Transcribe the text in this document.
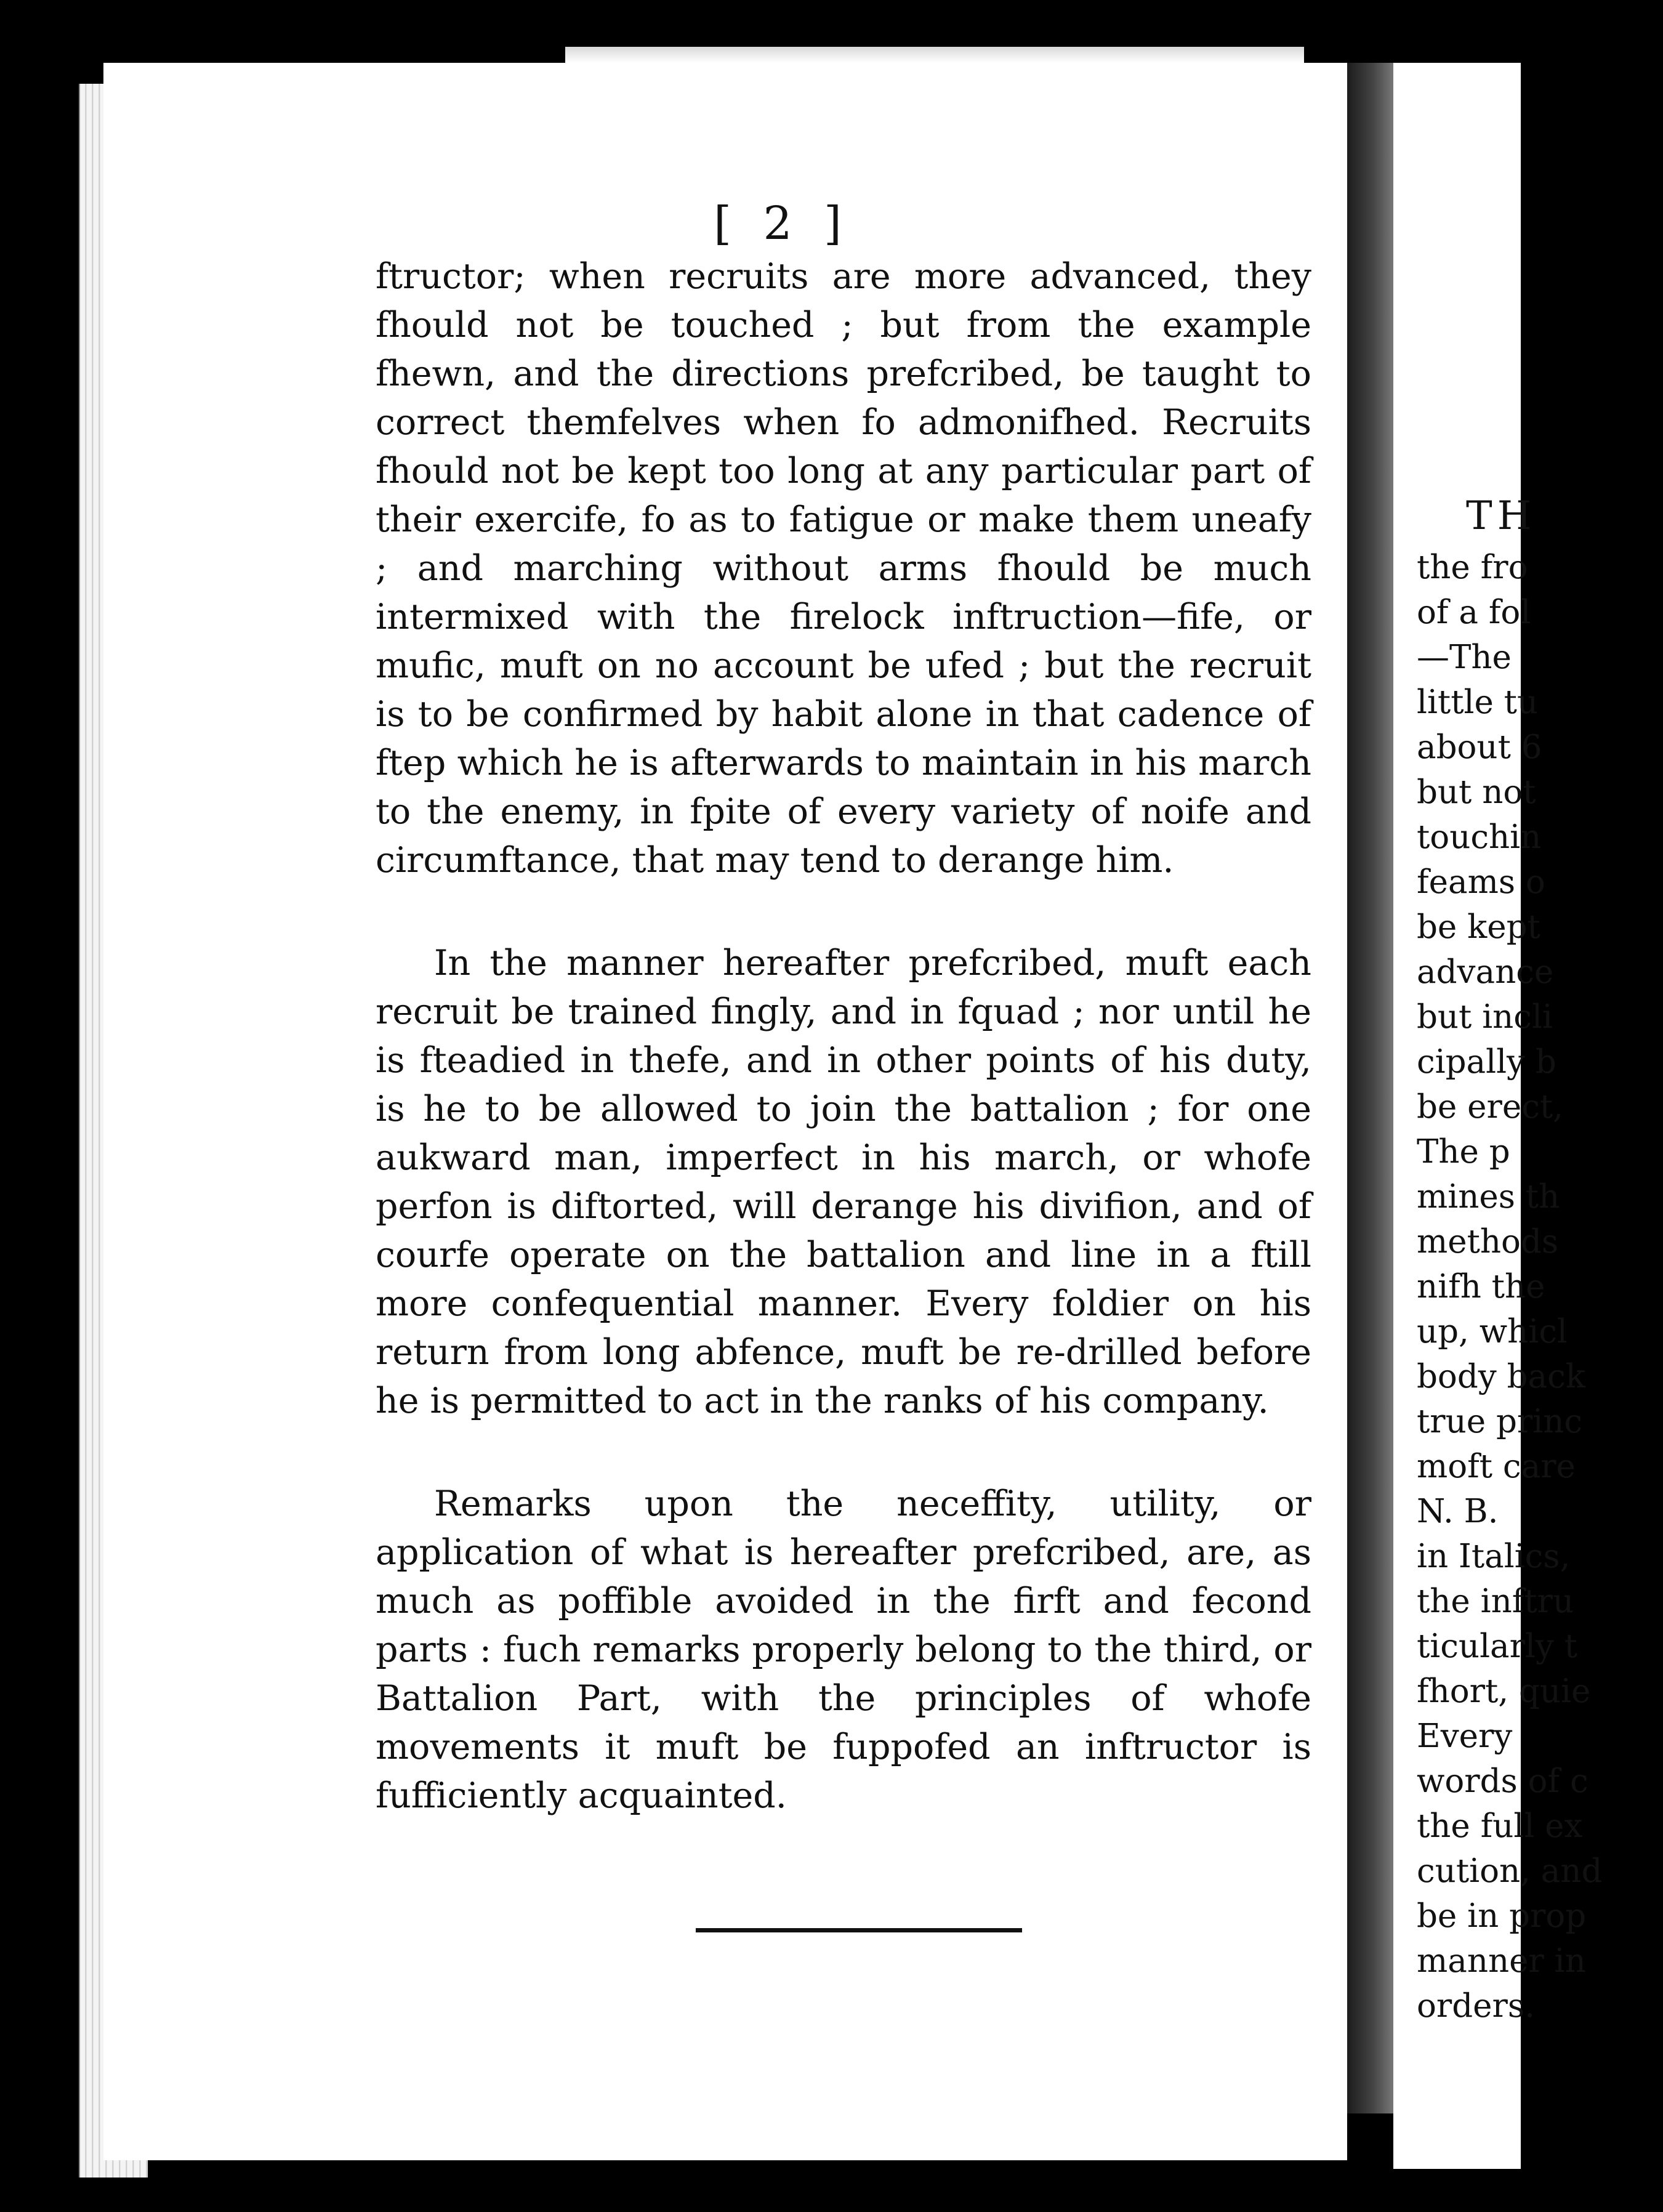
TH
the fro
of a fol
—The
little tu
about 6
but not
touchin
feams o
be kept
advance
but incli
cipally b
be erect,
The p
mines th
methods
nifh the
up, whicl
body back
true princ
moft care
N. B.
in Italics,
the inftru
ticularly t
fhort, quie
Every
words of c
the full ex
cution, and
be in prop
manner in
orders.
[ 2 ]

ftructor; when recruits are more advanced, they fhould not be touched ; but from the example fhewn, and the directions prefcribed, be taught to correct themfelves when fo admonifhed. Recruits fhould not be kept too long at any particular part of their exercife, fo as to fatigue or make them uneafy ; and marching without arms fhould be much intermixed with the firelock inftruction—fife, or mufic, muft on no account be ufed ; but the recruit is to be confirmed by habit alone in that cadence of ftep which he is afterwards to maintain in his march to the enemy, in fpite of every variety of noife and circumftance, that may tend to derange him.

In the manner hereafter prefcribed, muft each recruit be trained fingly, and in fquad ; nor until he is fteadied in thefe, and in other points of his duty, is he to be allowed to join the battalion ; for one aukward man, imperfect in his march, or whofe perfon is diftorted, will derange his divifion, and of courfe operate on the battalion and line in a ftill more confequential manner. Every foldier on his return from long abfence, muft be re-drilled before he is permitted to act in the ranks of his company.

Remarks upon the neceffity, utility, or application of what is hereafter prefcribed, are, as much as poffible avoided in the firft and fecond parts : fuch remarks properly belong to the third, or Battalion Part, with the principles of whofe movements it muft be fuppofed an inftructor is fufficiently acquainted.
